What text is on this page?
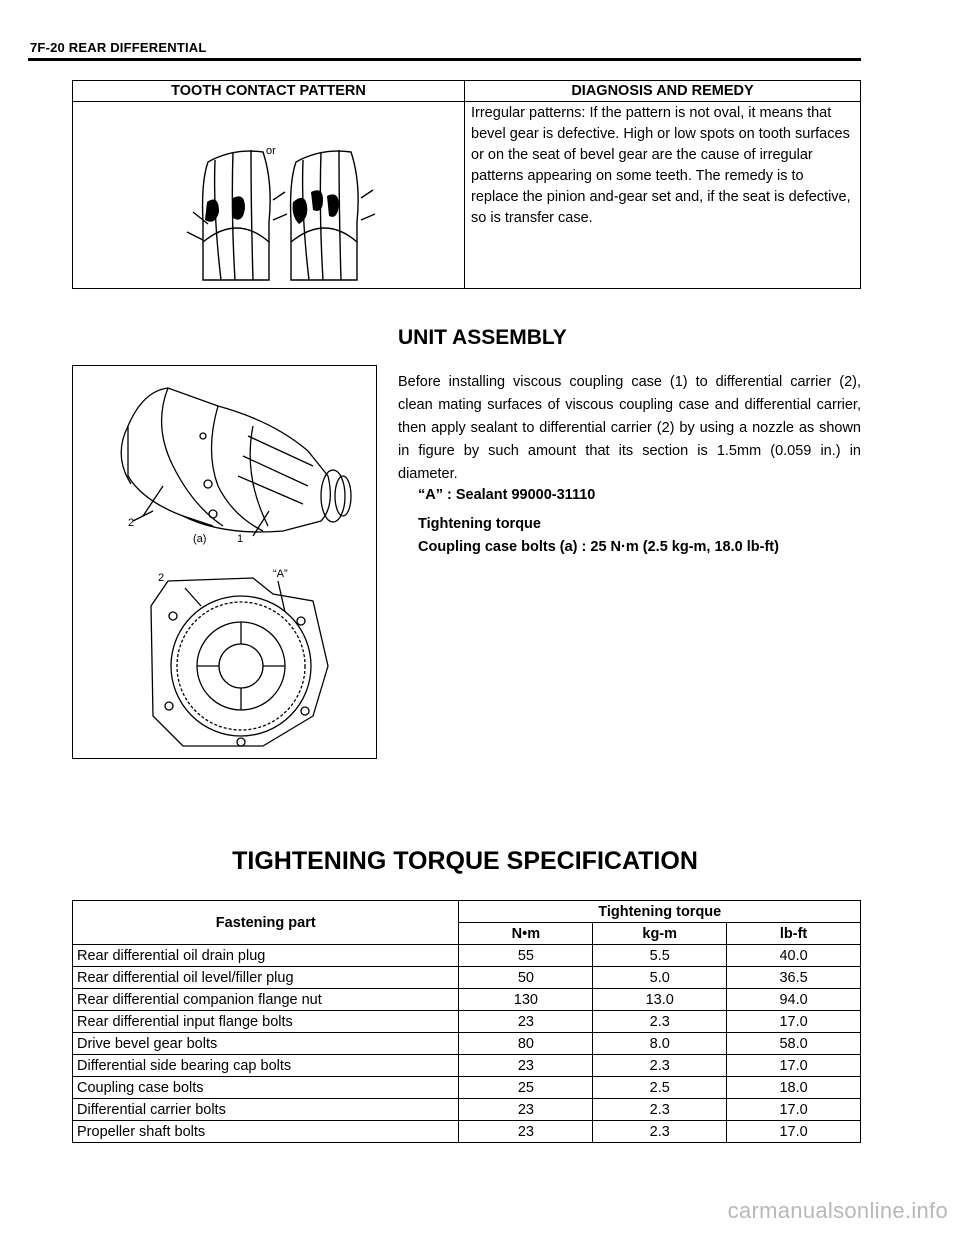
7F-20 REAR DIFFERENTIAL
TOOTH CONTACT PATTERN	DIAGNOSIS AND REMEDY

or	Irregular patterns: If the pattern is not oval, it means that bevel gear is defective. High or low spots on tooth surfaces or on the seat of bevel gear are the cause of irregular patterns appearing on some teeth. The remedy is to replace the pinion and-gear set and, if the seat is defective, so is transfer case.
UNIT ASSEMBLY
2
(a)	1
2	“A”
Before installing viscous coupling case (1) to differential carrier (2), clean mating surfaces of viscous coupling case and differential carrier, then apply sealant to differential carrier (2) by using a nozzle as shown in figure by such amount that its section is 1.5mm (0.059 in.) in diameter.
“A” : Sealant 99000-31110
Tightening torque
Coupling case bolts (a) : 25 N·m (2.5 kg-m, 18.0 lb-ft)
TIGHTENING TORQUE SPECIFICATION
Fastening part	Tightening torque		
	N•m	kg-m	lb-ft
Rear differential oil drain plug	55	5.5	40.0
Rear differential oil level/filler plug	50	5.0	36.5
Rear differential companion flange nut	130	13.0	94.0
Rear differential input flange bolts	23	2.3	17.0
Drive bevel gear bolts	80	8.0	58.0
Differential side bearing cap bolts	23	2.3	17.0
Coupling case bolts	25	2.5	18.0
Differential carrier bolts	23	2.3	17.0
Propeller shaft bolts	23	2.3	17.0
carmanualsonline.info
